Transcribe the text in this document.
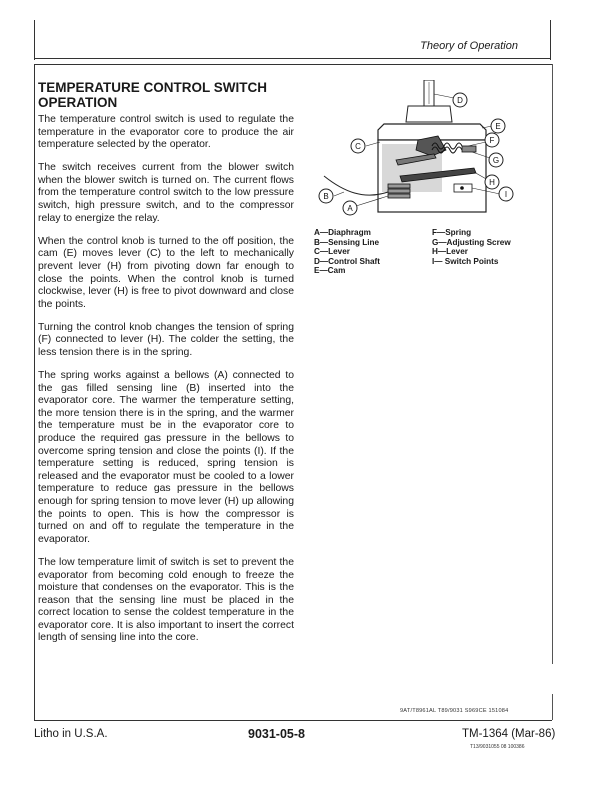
Theory of Operation
TEMPERATURE CONTROL SWITCH
OPERATION

The temperature control switch is used to regulate the temperature in the evaporator core to produce the air temperature selected by the operator.

The switch receives current from the blower switch when the blower switch is turned on. The current flows from the temperature control switch to the low pressure switch, high pressure switch, and to the compressor relay to energize the relay.

When the control knob is turned to the off position, the cam (E) moves lever (C) to the left to mechanically prevent lever (H) from pivoting down far enough to close the points. When the control knob is turned clockwise, lever (H) is free to pivot downward and close the points.

Turning the control knob changes the tension of spring (F) connected to lever (H). The colder the setting, the less tension there is in the spring.

The spring works against a bellows (A) connected to the gas filled sensing line (B) inserted into the evaporator core. The warmer the temperature setting, the more tension there is in the spring, and the warmer the temperature must be in the evaporator core to produce the required gas pressure in the bellows to overcome spring tension and close the points (I). If the temperature setting is reduced, spring tension is released and the evaporator must be cooled to a lower temperature to reduce gas pressure in the bellows enough for spring tension to move lever (H) up allowing the points to open. This is how the compressor is turned on and off to regulate the temperature in the evaporator.

The low temperature limit of switch is set to prevent the evaporator from becoming cold enough to freeze the moisture that condenses on the evaporator. This is the reason that the sensing line must be placed in the correct location to sense the coldest temperature in the evaporator core. It is also important to insert the correct length of sensing line into the core.

D
E
F
G
H
I
C
B
A
A—Diaphragm
B—Sensing Line
C—Lever
D—Control Shaft
E—Cam
F—Spring
G—Adjusting Screw
H—Lever
I— Switch Points
9AT/T8961AL T89/9031 S969CE 151084
Litho in U.S.A.	9031-05-8	TM-1364 (Mar-86)
T13/9031055 08 100386
